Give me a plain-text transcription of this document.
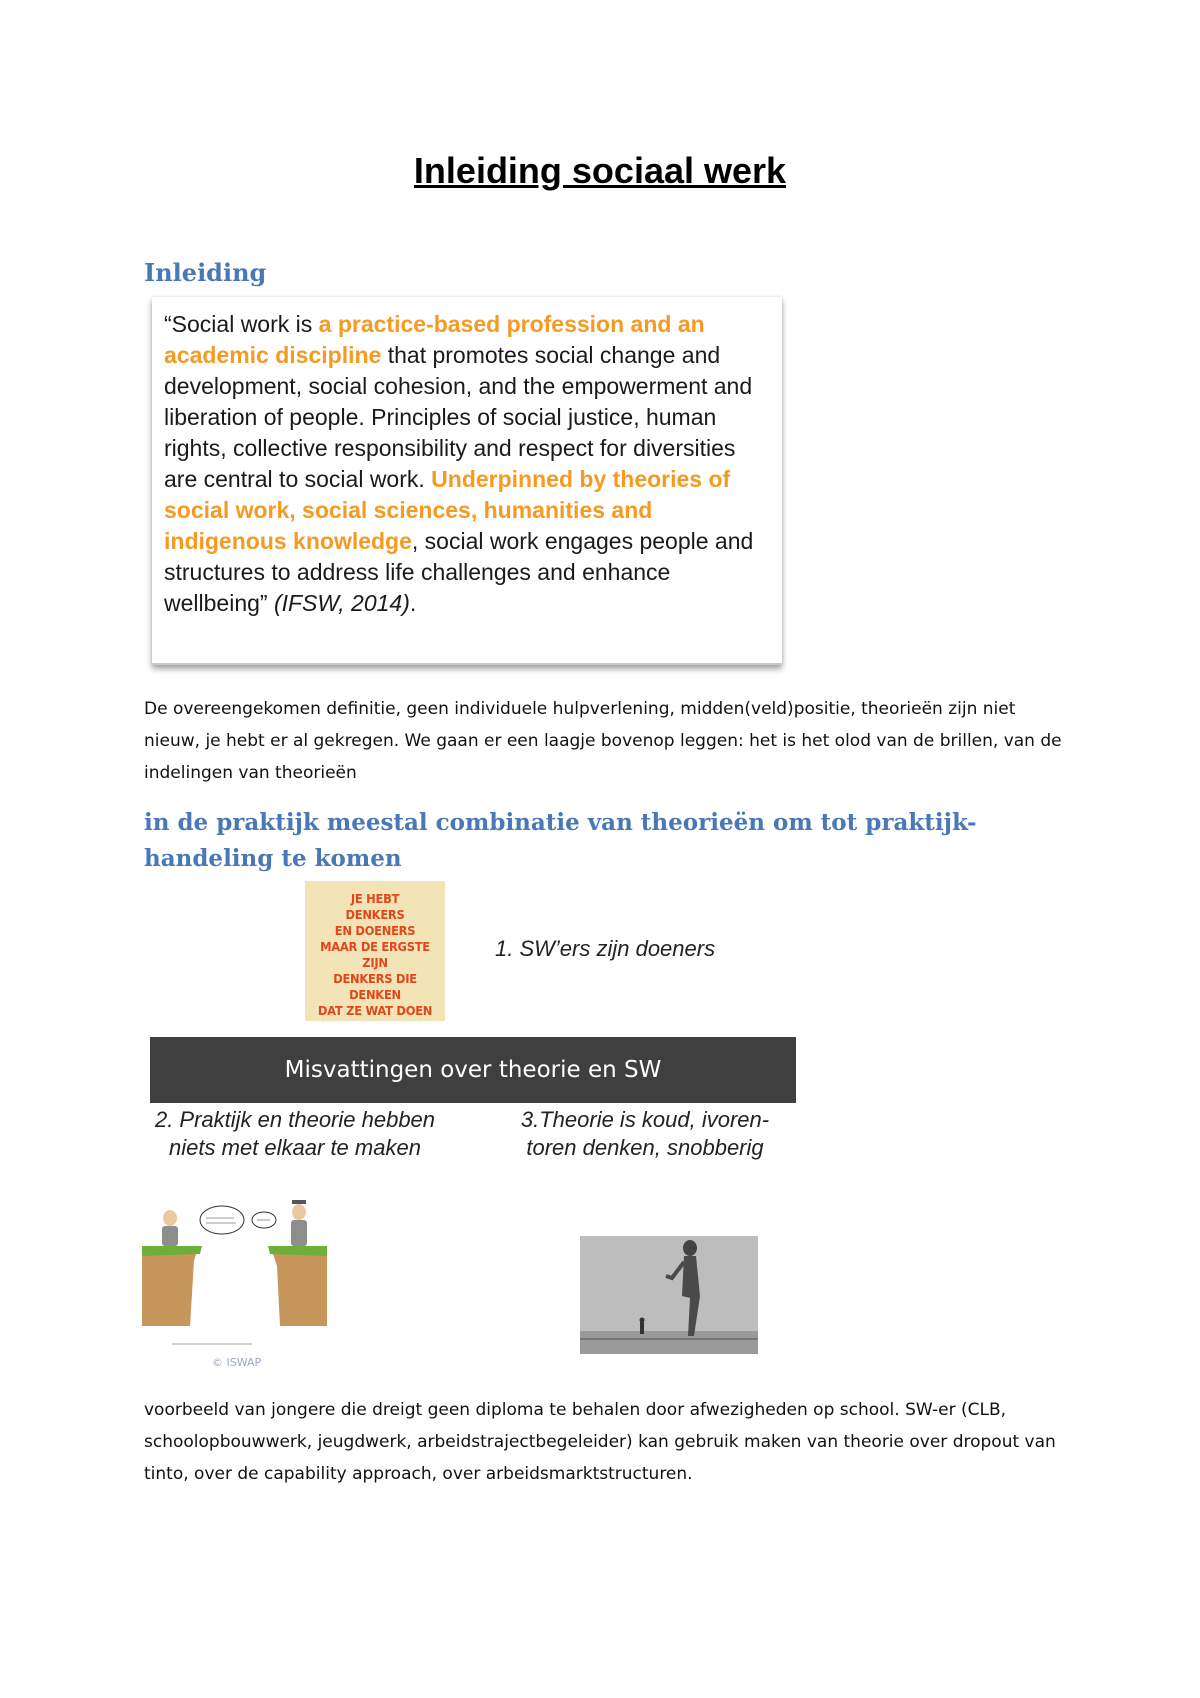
Inleiding sociaal werk
Inleiding
“Social work is a practice-based profession and an academic discipline that promotes social change and development, social cohesion, and the empowerment and liberation of people. Principles of social justice, human rights, collective responsibility and respect for diversities are central to social work. Underpinned by theories of social work, social sciences, humanities and indigenous knowledge, social work engages people and structures to address life challenges and enhance wellbeing” (IFSW, 2014).

De overeengekomen definitie, geen individuele hulpverlening, midden(veld)positie, theorieën zijn niet nieuw, je hebt er al gekregen. We gaan er een laagje bovenop leggen: het is het olod van de brillen, van de indelingen van theorieën

in de praktijk meestal combinatie van theorieën om tot praktijk-handeling te komen
JE HEBT
DENKERS
EN DOENERS
MAAR DE ERGSTE
ZIJN
DENKERS DIE DENKEN
DAT ZE WAT DOEN

1. SW’ers zijn doeners

Misvattingen over theorie en SW

2. Praktijk en theorie hebben niets met elkaar te maken

3.Theorie is koud, ivoren-toren denken, snobberig

© ISWAP

voorbeeld van jongere die dreigt geen diploma te behalen door afwezigheden op school. SW-er (CLB, schoolopbouwwerk, jeugdwerk, arbeidstrajectbegeleider) kan gebruik maken van theorie over dropout van tinto, over de capability approach, over arbeidsmarktstructuren.
